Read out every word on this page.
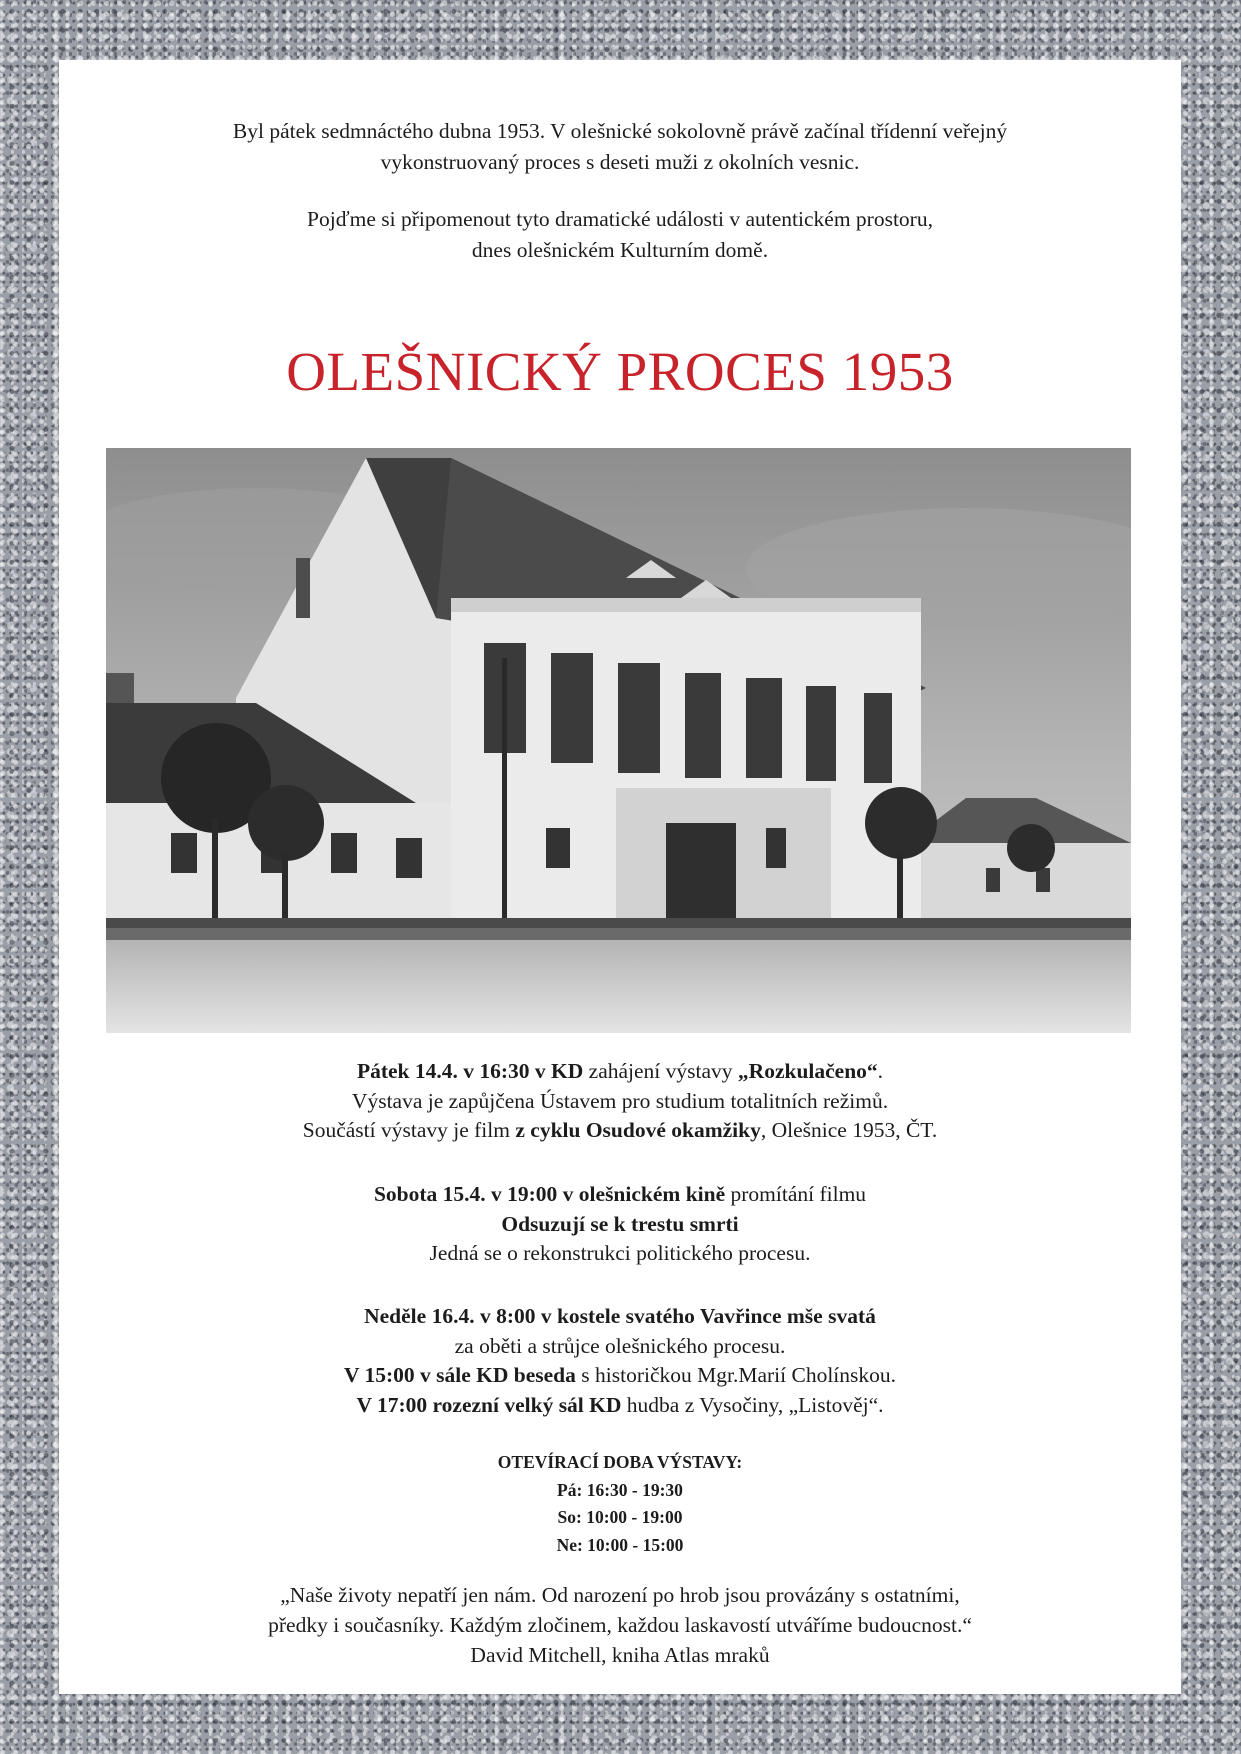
Byl pátek sedmnáctého dubna 1953. V olešnické sokolovně právě začínal třídenní veřejný
vykonstruovaný proces s deseti muži z okolních vesnic.

Pojďme si připomenout tyto dramatické události v autentickém prostoru,
dnes olešnickém Kulturním domě.

OLEŠNICKÝ PROCES 1953

Pátek 14.4. v 16:30 v KD zahájení výstavy „Rozkulačeno“.

Výstava je zapůjčena Ústavem pro studium totalitních režimů.

Součástí výstavy je film z cyklu Osudové okamžiky, Olešnice 1953, ČT.

Sobota 15.4. v 19:00 v olešnickém kině promítání filmu

Odsuzují se k trestu smrti

Jedná se o rekonstrukci politického procesu.

Neděle 16.4. v 8:00 v kostele svatého Vavřince mše svatá

za oběti a strůjce olešnického procesu.

V 15:00 v sále KD beseda s historičkou Mgr.Marií Cholínskou.

V 17:00 rozezní velký sál KD hudba z Vysočiny, „Listověj“.

OTEVÍRACÍ DOBA VÝSTAVY:

Pá: 16:30 - 19:30

So: 10:00 - 19:00

Ne: 10:00 - 15:00

„Naše životy nepatří jen nám. Od narození po hrob jsou provázány s ostatními,

předky i současníky. Každým zločinem, každou laskavostí utváříme budoucnost.“

David Mitchell, kniha Atlas mraků
